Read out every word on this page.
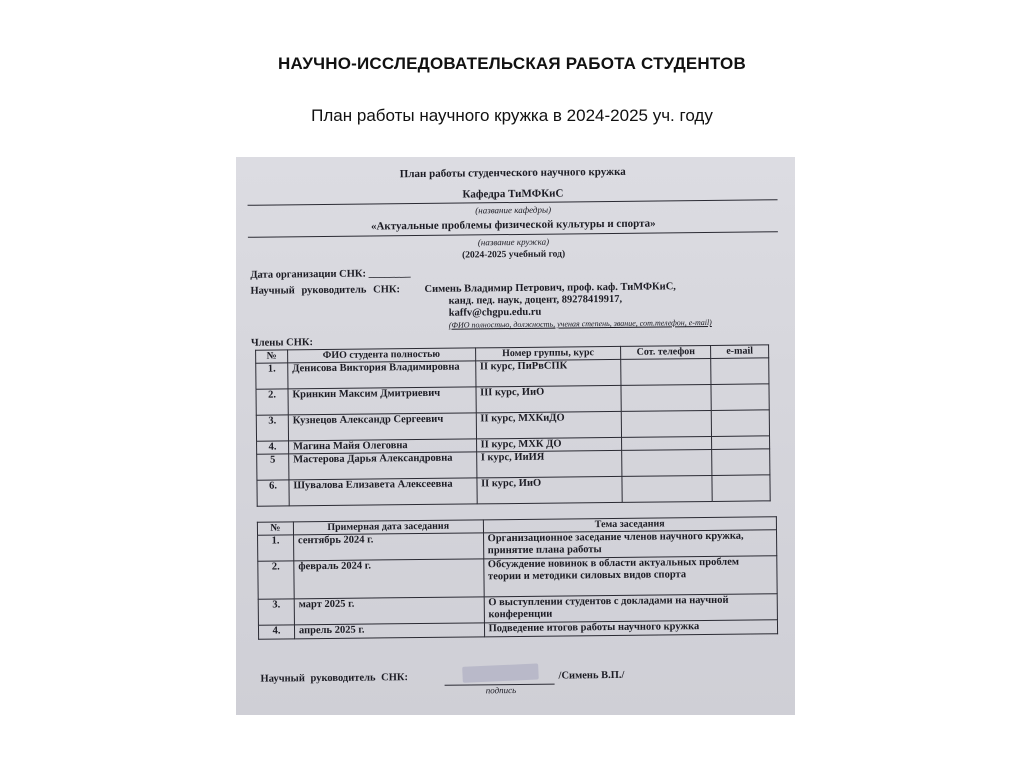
НАУЧНО-ИССЛЕДОВАТЕЛЬСКАЯ РАБОТА СТУДЕНТОВ
План работы научного кружка в 2024-2025 уч. году
План работы студенческого научного кружка
Кафедра ТиМФКиС
(название кафедры)
«Актуальные проблемы физической культуры и спорта»
(название кружка)
(2024-2025 учебный год)
Дата организации СНК: ________
Научный руководитель СНК: Симень Владимир Петрович, проф. каф. ТиМФКиС,
канд. пед. наук, доцент, 89278419917,
kaffv@chgpu.edu.ru
(ФИО полностью, должность, ученая степень, звание, сот.телефон, e-mail)
Члены СНК:
№	ФИО студента полностью	Номер группы, курс	Сот. телефон	e-mail
1.	Денисова Виктория Владимировна	II курс, ПиРвСПК		
2.	Кринкин Максим Дмитриевич	III курс, ИиО		
3.	Кузнецов Александр Сергеевич	II курс, МХКиДО		
4.	Магина Майя Олеговна	II курс, МХК ДО		
5	Мастерова Дарья Александровна	I курс, ИиИЯ		
6.	Шувалова Елизавета Алексеевна	II курс, ИиО		
№	Примерная дата заседания	Тема заседания
1.	сентябрь 2024 г.	Организационное заседание членов научного кружка, принятие плана работы
2.	февраль 2024 г.	Обсуждение новинок в области актуальных проблем теории и методики силовых видов спорта
3.	март 2025 г.	О выступлении студентов с докладами на научной конференции
4.	апрель 2025 г.	Подведение итогов работы научного кружка
Научный руководитель СНК:	/Симень В.П./
подпись
